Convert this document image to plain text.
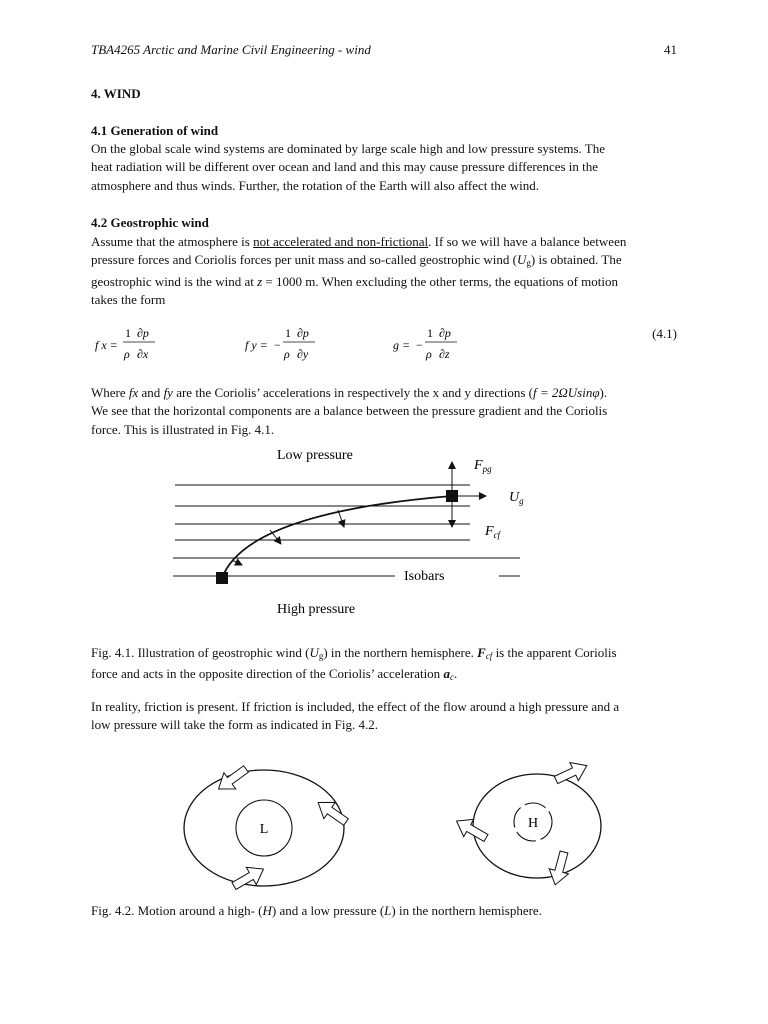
TBA4265 Arctic and Marine Civil Engineering - wind	41
4. WIND
4.1 Generation of wind

On the global scale wind systems are dominated by large scale high and low pressure systems. The
heat radiation will be different over ocean and land and this may cause pressure differences in the
atmosphere and thus winds. Further, the rotation of the Earth will also affect the wind.

4.2 Geostrophic wind

Assume that the atmosphere is not accelerated and non-frictional. If so we will have a balance between
pressure forces and Coriolis forces per unit mass and so-called geostrophic wind $(U_g)$ is obtained. The
geostrophic wind is the wind at z = 1000 m. When excluding the other terms, the equations of motion
takes the form

f x =
1 ∂p
ρ ∂x
f y = −
1 ∂p
ρ ∂y
g = −
1 ∂p
ρ ∂z
(4.1)

Where fx and fy are the Coriolis’ accelerations in respectively the x and y directions (f = 2ΩUsinφ).
We see that the horizontal components are a balance between the pressure gradient and the Coriolis
force. This is illustrated in Fig. 4.1.

Low pressure
High pressure
Isobars
$F_{pg}$
$U_g$
$F_{cf}$

Fig. 4.1. Illustration of geostrophic wind $(U_g)$ in the northern hemisphere. $F_{cf}$ is the apparent Coriolis
force and acts in the opposite direction of the Coriolis’ acceleration $a_c$.

In reality, friction is present. If friction is included, the effect of the flow around a high pressure and a
low pressure will take the form as indicated in Fig. 4.2.

L	H

Fig. 4.2. Motion around a high- (H) and a low pressure (L) in the northern hemisphere.
